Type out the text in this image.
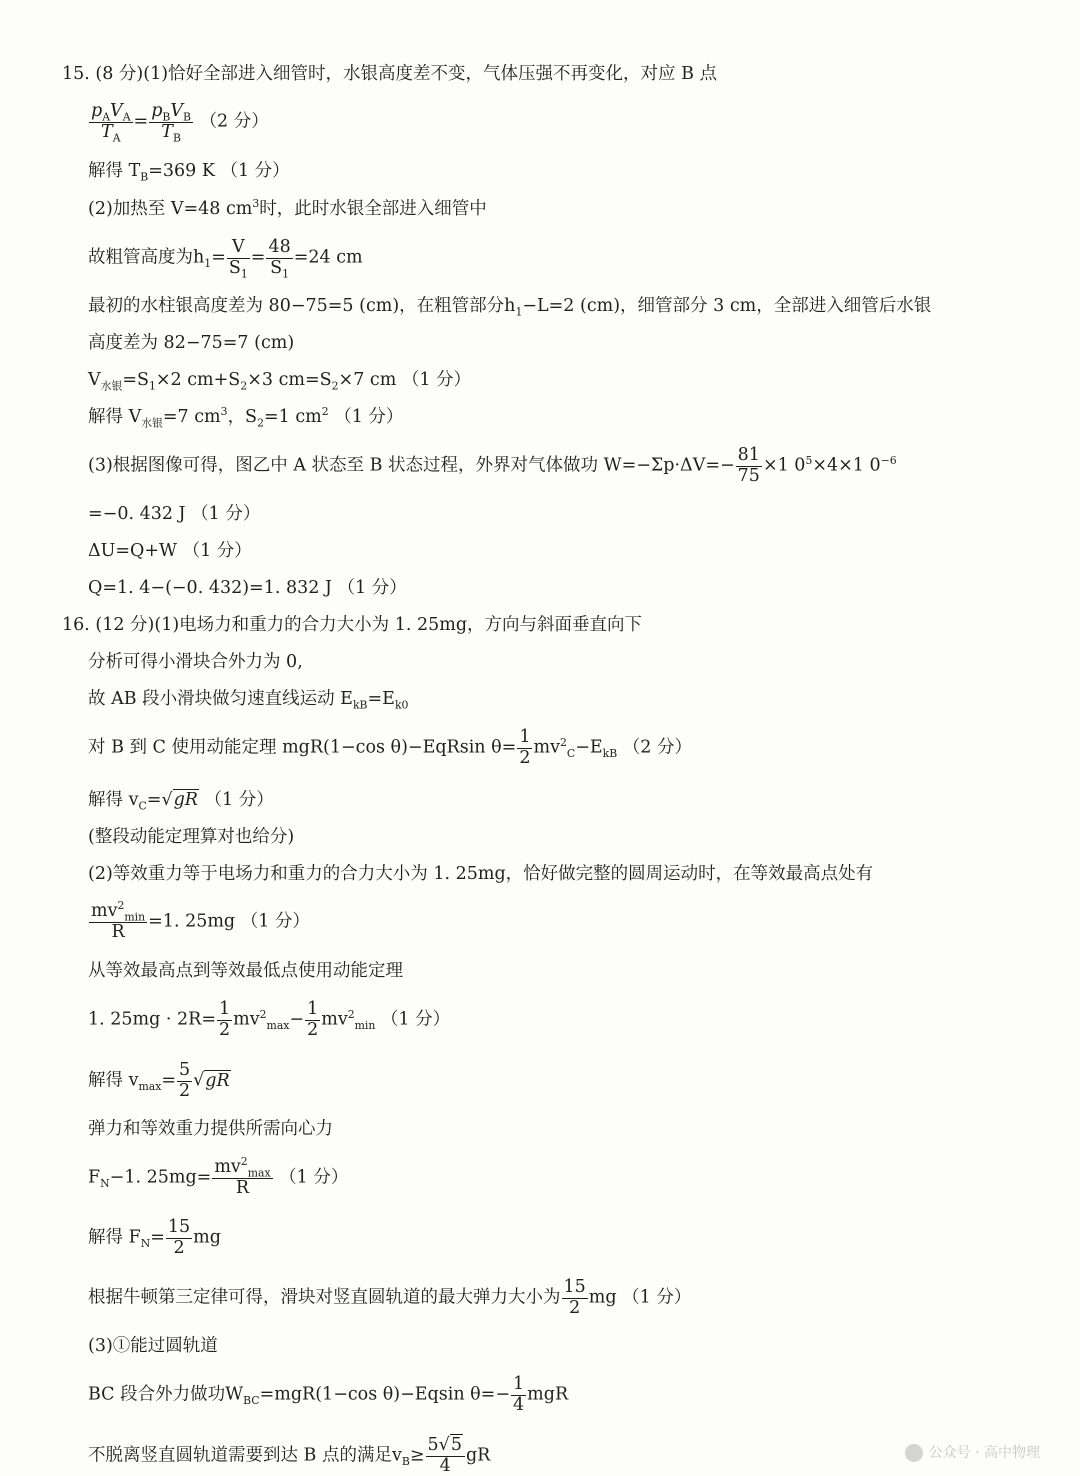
15. (8 分)(1)恰好全部进入细管时，水银高度差不变，气体压强不再变化，对应 B 点
$p_AV_A$
$T_A$
=
$p_BV_B$
$T_B$
（2 分）
解得 $T_B=369$ K （1 分）
(2)加热至 V=48 $cm^3$时，此时水银全部进入细管中
故粗管高度为$h_1= \frac{V}{S_1} = \frac{48}{S_1} =24$ cm
最初的水柱银高度差为 80−75=5 (cm)，在粗管部分$h_1-L=2$ (cm)，细管部分 3 cm，全部进入细管后水银
高度差为 82−75=7 (cm)
$V_{水银}=S_1\times 2$ $cm+S_2\times 3$ $cm=S_2\times 7$ cm （1 分）
解得 $V_{水银}=7$ $cm^3$，$S_2=1$ $cm^2$ （1 分）
(3)根据图像可得，图乙中 A 状态至 B 状态过程，外界对气体做功 $W=-\Sigma p\cdot\Delta V=- \frac{81}{75} \times 1$ $0^5\times 4\times 1$ $0^{-6}$
=−0. 432 J （1 分）
ΔU=Q+W （1 分）
Q=1. 4−(−0. 432)=1. 832 J （1 分）
16. (12 分)(1)电场力和重力的合力大小为 1. 25mg，方向与斜面垂直向下
分析可得小滑块合外力为 0,
故 AB 段小滑块做匀速直线运动 $E_{kB}=E_{k0}$
对 B 到 C 使用动能定理 mgR(1−cos θ)−EqRsin $\theta= \frac{1}{2} mv^2_C-E_{kB}$ （2 分）
解得 $v_C=√gR$ （1 分）
(整段动能定理算对也给分)
(2)等效重力等于电场力和重力的合力大小为 1. 25mg，恰好做完整的圆周运动时，在等效最高点处有
$mv^2_{min}$
R	=1. 25mg （1 分）
从等效最高点到等效最低点使用动能定理
1. $25mg \cdot 2R= \frac{1}{2} mv^2_{max}- \frac{1}{2} mv^2_{min}$ （1 分）
解得 $v_{max}= \frac{5}{2} √gR$
弹力和等效重力提供所需向心力
$F_N-1$. 25mg=
$mv^2_{max}$
R	（1 分）
解得 $F_N= \frac{15}{2}$ mg
根据牛顿第三定律可得，滑块对竖直圆轨道的最大弹力大小为 $\frac{15}{2}$ mg （1 分）
(3)①能过圆轨道
BC 段合外力做功$W_{BC}=mgR(1-\cos$ θ)−Eqsin $\theta=- \frac{1}{4}$ mgR
不脱离竖直圆轨道需要到达 B 点的满足$v_B\ge \frac{5√5}{4}$ gR	公众号 · 高中物理
